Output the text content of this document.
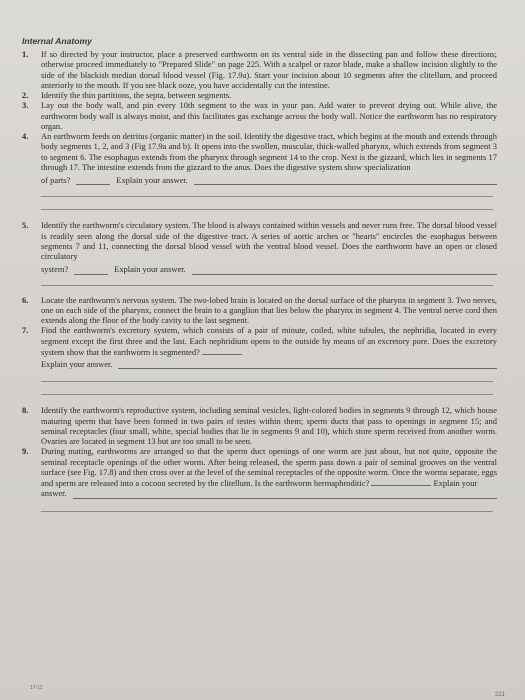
Internal Anatomy
1. If so directed by your instructor, place a preserved earthworm on its ventral side in the dissecting pan and follow these directions; otherwise proceed immediately to "Prepared Slide" on page 225. With a scalpel or razor blade, make a shallow incision slightly to the side of the blackish median dorsal blood vessel (Fig. 17.9a). Start your incision about 10 segments after the clitellum, and proceed anteriorly to the mouth. If you see black ooze, you have accidentally cut the intestine.
2. Identify the thin partitions, the septa, between segments.
3. Lay out the body wall, and pin every 10th segment to the wax in your pan. Add water to prevent drying out. While alive, the earthworm body wall is always moist, and this facilitates gas exchange across the body wall. Notice the earthworm has no respiratory organ.
4. An earthworm feeds on detritus (organic matter) in the soil. Identify the digestive tract, which begins at the mouth and extends through body segments 1, 2, and 3 (Fig 17.9a and b). It opens into the swollen, muscular, thick-walled pharynx, which extends from segment 3 to segment 6. The esophagus extends from the pharynx through segment 14 to the crop. Next is the gizzard, which lies in segments 17 through 17. The intestine extends from the gizzard to the anus. Does the digestive system show specialization
of parts?	Explain your answer.
5. Identify the earthworm's circulatory system. The blood is always contained within vessels and never runs free. The dorsal blood vessel is readily seen along the dorsal side of the digestive tract. A series of aortic arches or "hearts" encircles the esophagus between segments 7 and 11, connecting the dorsal blood vessel with the ventral blood vessel. Does the earthworm have an open or closed circulatory
system?	Explain your answer.
6. Locate the earthworm's nervous system. The two-lobed brain is located on the dorsal surface of the pharynx in segment 3. Two nerves, one on each side of the pharynx, connect the brain to a ganglion that lies below the pharynx in segment 4. The ventral nerve cord then extends along the floor of the body cavity to the last segment.
7. Find the earthworm's excretory system, which consists of a pair of minute, coiled, white tubules, the nephridia, located in every segment except the first three and the last. Each nephridium opens to the outside by means of an excretory pore. Does the excretory system show that the earthworm is segmented?
Explain your answer.
8. Identify the earthworm's reproductive system, including seminal vesicles, light-colored bodies in segments 9 through 12, which house maturing sperm that have been formed in two pairs of testes within them; sperm ducts that pass to openings in segment 15; and seminal receptacles (four small, white, special bodies that lie in segments 9 and 10), which store sperm received from another worm. Ovaries are located in segment 13 but are too small to be seen.
9. During mating, earthworms are arranged so that the sperm duct openings of one worm are just about, but not quite, opposite the seminal receptacle openings of the other worm. After being released, the sperm pass down a pair of seminal grooves on the ventral surface (see Fig. 17.8) and then cross over at the level of the seminal receptacles of the opposite worm. Once the worms separate, eggs and sperm are released into a cocoon secreted by the clitellum. Is the earthworm hermaphroditic?	Explain your
answer.
17-11
221
